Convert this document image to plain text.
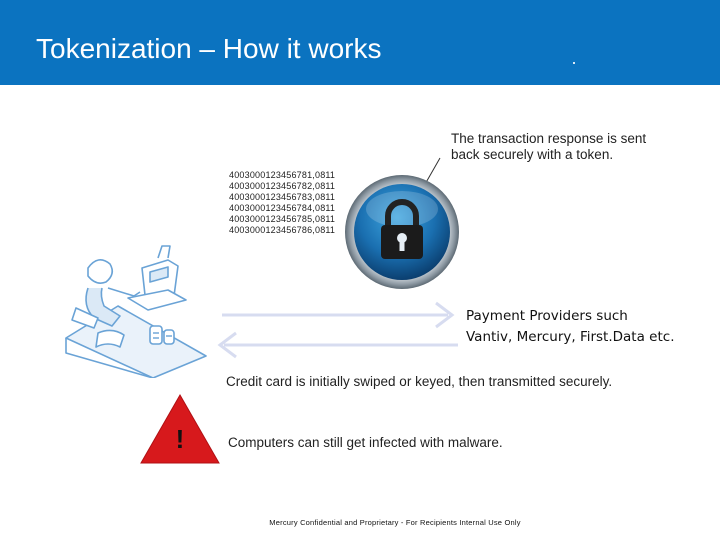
Tokenization – How it works
The transaction response is sent back securely with a token.
4003000123456781,0811
4003000123456782,0811
4003000123456783,0811
4003000123456784,0811
4003000123456785,0811
4003000123456786,0811
Payment Providers such
Vantiv, Mercury, First.Data etc.
Credit card is initially swiped or keyed, then transmitted securely.
!	Computers can still get infected with malware.
Mercury Confidential and Proprietary - For Recipients Internal Use Only
